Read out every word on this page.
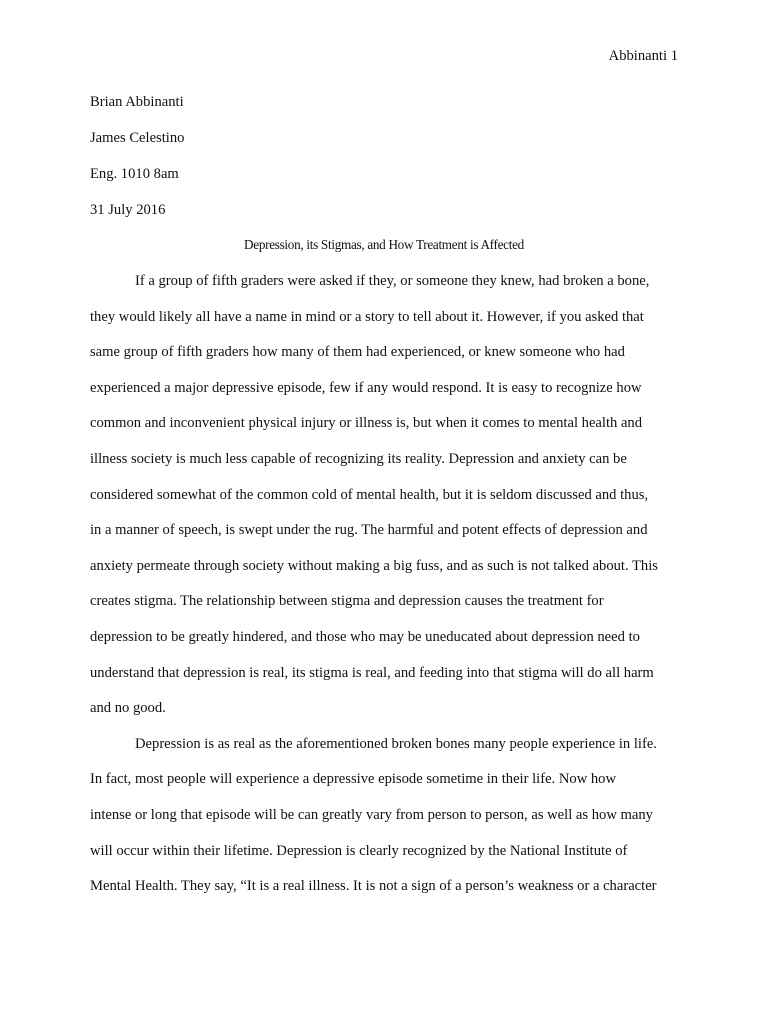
Abbinanti 1
Brian Abbinanti
James Celestino
Eng. 1010 8am
31 July 2016
Depression, its Stigmas, and How Treatment is Affected
If a group of fifth graders were asked if they, or someone they knew, had broken a bone,
they would likely all have a name in mind or a story to tell about it. However, if you asked that
same group of fifth graders how many of them had experienced, or knew someone who had
experienced a major depressive episode, few if any would respond. It is easy to recognize how
common and inconvenient physical injury or illness is, but when it comes to mental health and
illness society is much less capable of recognizing its reality. Depression and anxiety can be
considered somewhat of the common cold of mental health, but it is seldom discussed and thus,
in a manner of speech, is swept under the rug. The harmful and potent effects of depression and
anxiety permeate through society without making a big fuss, and as such is not talked about. This
creates stigma. The relationship between stigma and depression causes the treatment for
depression to be greatly hindered, and those who may be uneducated about depression need to
understand that depression is real, its stigma is real, and feeding into that stigma will do all harm
and no good.
Depression is as real as the aforementioned broken bones many people experience in life.
In fact, most people will experience a depressive episode sometime in their life. Now how
intense or long that episode will be can greatly vary from person to person, as well as how many
will occur within their lifetime. Depression is clearly recognized by the National Institute of
Mental Health. They say, “It is a real illness. It is not a sign of a person’s weakness or a character
